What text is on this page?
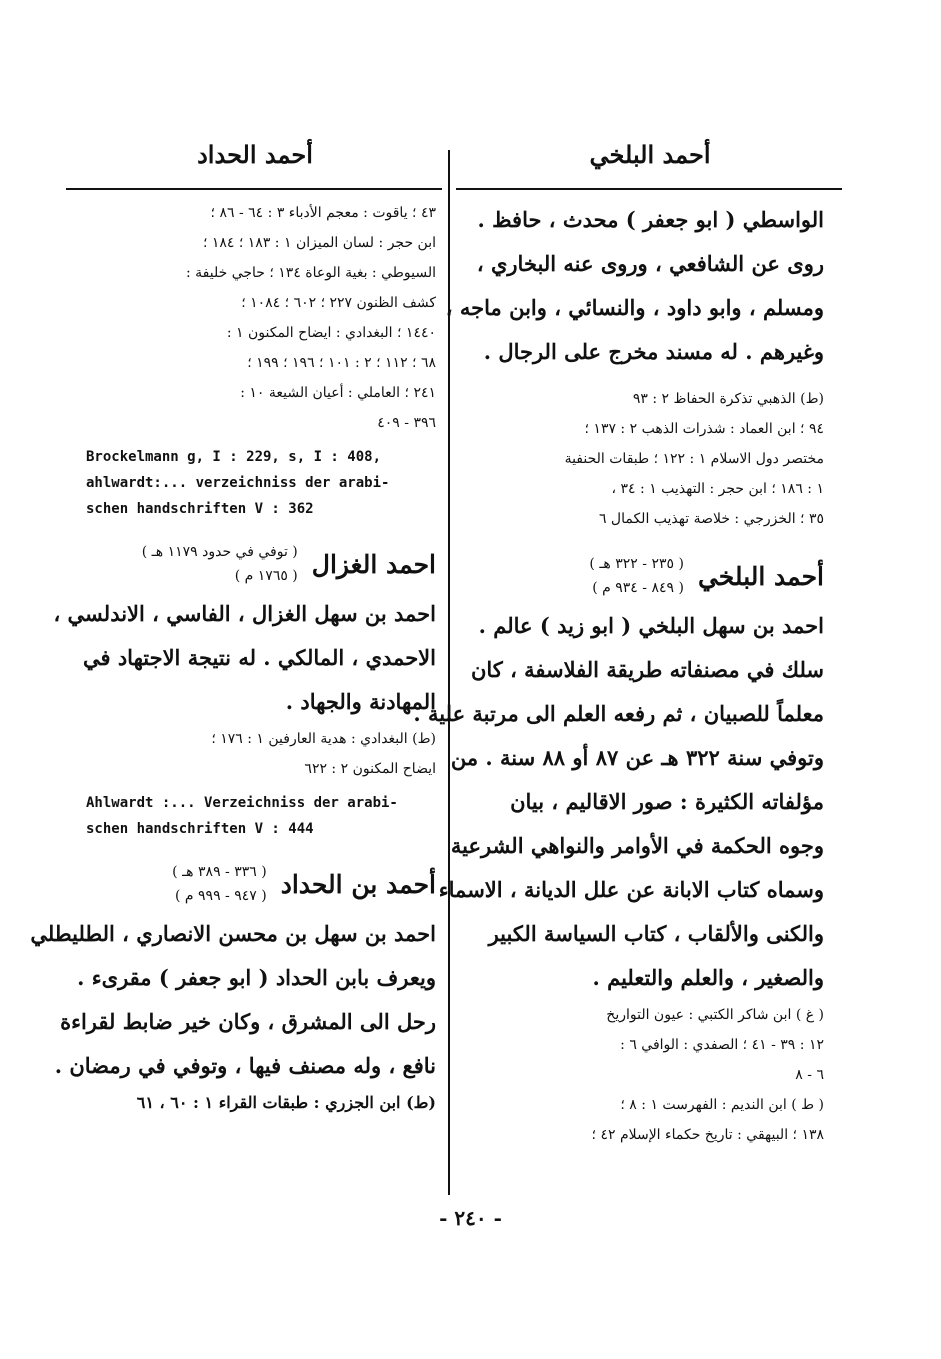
أحمد البلخي
أحمد الحداد
الواسطي ( ابو جعفر ) محدث ، حافظ .
روى عن الشافعي ، وروى عنه البخاري ،
ومسلم ، وابو داود ، والنسائي ، وابن ماجه ،
وغيرهم . له مسند مخرج على الرجال .
(ط) الذهبي تذكرة الحفاظ ٢ : ٩٣
٩٤ ؛ ابن العماد : شذرات الذهب ٢ : ١٣٧ ؛
مختصر دول الاسلام ١ : ١٢٢ ؛ طبقات الحنفية
١ : ١٨٦ ؛ ابن حجر : التهذيب ١ : ٣٤ ،
٣٥ ؛ الخزرجي : خلاصة تهذيب الكمال ٦
أحمد البلخي
( ٢٣٥ - ٣٢٢ هـ )
( ٨٤٩ - ٩٣٤ م )
احمد بن سهل البلخي ( ابو زيد ) عالم .
سلك في مصنفاته طريقة الفلاسفة ، كان
معلماً للصبيان ، ثم رفعه العلم الى مرتبة علية .
وتوفي سنة ٣٢٢ هـ عن ٨٧ أو ٨٨ سنة . من
مؤلفاته الكثيرة : صور الاقاليم ، بيان
وجوه الحكمة في الأوامر والنواهي الشرعية
وسماه كتاب الابانة عن علل الديانة ، الاسماء
والكنى والألقاب ، كتاب السياسة الكبير
والصغير ، والعلم والتعليم .
( غ ) ابن شاكر الكتبي : عيون التواريخ
١٢ : ٣٩ - ٤١ ؛ الصفدي : الوافي ٦ :
٦ - ٨
( ط ) ابن النديم : الفهرست ١ : ٨ ؛
١٣٨ ؛ البيهقي : تاريخ حكماء الإسلام ٤٢ ؛
٤٣ ؛ ياقوت : معجم الأدباء ٣ : ٦٤ - ٨٦ ؛
ابن حجر : لسان الميزان ١ : ١٨٣ ؛ ١٨٤ ؛
السيوطي : بغية الوعاة ١٣٤ ؛ حاجي خليفة :
كشف الظنون ٢٢٧ ؛ ٦٠٢ ؛ ١٠٨٤ ؛
١٤٤٠ ؛ البغدادي : ايضاح المكنون ١ :
٦٨ ؛ ١١٢ ؛ ٢ : ١٠١ ؛ ١٩٦ ؛ ١٩٩ ؛
٢٤١ ؛ العاملي : أعيان الشيعة ١٠ :
٣٩٦ - ٤٠٩
Brockelmann g, I : 229, s, I : 408,
ahlwardt:... verzeichniss der arabi-
schen handschriften V : 362
احمد الغزال
( توفي في حدود ١١٧٩ هـ )
( ١٧٦٥ م )
احمد بن سهل الغزال ، الفاسي ، الاندلسي ،
الاحمدي ، المالكي . له نتيجة الاجتهاد في
المهادنة والجهاد .
(ط) البغدادي : هدية العارفين ١ : ١٧٦ ؛
ايضاح المكنون ٢ : ٦٢٢
Ahlwardt :... Verzeichniss der arabi-
schen handschriften V : 444
أحمد بن الحداد
( ٣٣٦ - ٣٨٩ هـ )
( ٩٤٧ - ٩٩٩ م )
احمد بن سهل بن محسن الانصاري ، الطليطلي
ويعرف بابن الحداد ( ابو جعفر ) مقرىء .
رحل الى المشرق ، وكان خير ضابط لقراءة
نافع ، وله مصنف فيها ، وتوفي في رمضان .
(ط) ابن الجزري : طبقات القراء ١ : ٦٠ ، ٦١
- ٢٤٠ -
